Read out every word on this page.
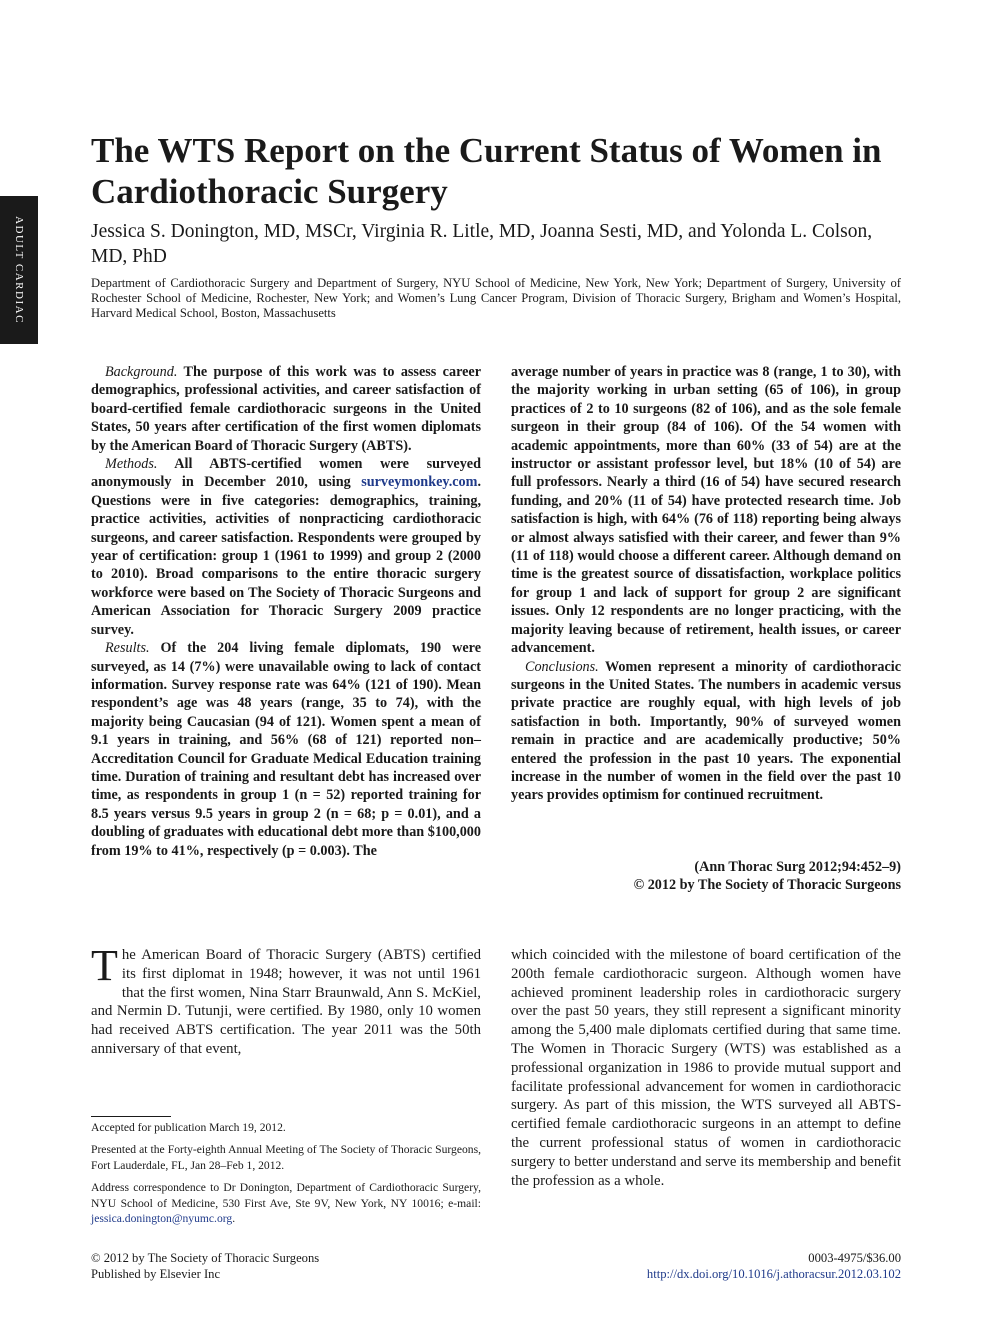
ADULT CARDIAC
The WTS Report on the Current Status of Women in Cardiothoracic Surgery
Jessica S. Donington, MD, MSCr, Virginia R. Litle, MD, Joanna Sesti, MD, and Yolonda L. Colson, MD, PhD
Department of Cardiothoracic Surgery and Department of Surgery, NYU School of Medicine, New York, New York; Department of Surgery, University of Rochester School of Medicine, Rochester, New York; and Women’s Lung Cancer Program, Division of Thoracic Surgery, Brigham and Women’s Hospital, Harvard Medical School, Boston, Massachusetts

Background. The purpose of this work was to assess career demographics, professional activities, and career satisfaction of board-certified female cardiothoracic surgeons in the United States, 50 years after certification of the first women diplomats by the American Board of Thoracic Surgery (ABTS).

Methods. All ABTS-certified women were surveyed anonymously in December 2010, using surveymonkey.com. Questions were in five categories: demographics, training, practice activities, activities of nonpracticing cardiothoracic surgeons, and career satisfaction. Respondents were grouped by year of certification: group 1 (1961 to 1999) and group 2 (2000 to 2010). Broad comparisons to the entire thoracic surgery workforce were based on The Society of Thoracic Surgeons and American Association for Thoracic Surgery 2009 practice survey.

Results. Of the 204 living female diplomats, 190 were surveyed, as 14 (7%) were unavailable owing to lack of contact information. Survey response rate was 64% (121 of 190). Mean respondent’s age was 48 years (range, 35 to 74), with the majority being Caucasian (94 of 121). Women spent a mean of 9.1 years in training, and 56% (68 of 121) reported non–Accreditation Council for Graduate Medical Education training time. Duration of training and resultant debt has increased over time, as respondents in group 1 (n = 52) reported training for 8.5 years versus 9.5 years in group 2 (n = 68; p = 0.01), and a doubling of graduates with educational debt more than $100,000 from 19% to 41%, respectively (p = 0.003). The

average number of years in practice was 8 (range, 1 to 30), with the majority working in urban setting (65 of 106), in group practices of 2 to 10 surgeons (82 of 106), and as the sole female surgeon in their group (84 of 106). Of the 54 women with academic appointments, more than 60% (33 of 54) are at the instructor or assistant professor level, but 18% (10 of 54) are full professors. Nearly a third (16 of 54) have secured research funding, and 20% (11 of 54) have protected research time. Job satisfaction is high, with 64% (76 of 118) reporting being always or almost always satisfied with their career, and fewer than 9% (11 of 118) would choose a different career. Although demand on time is the greatest source of dissatisfaction, workplace politics for group 1 and lack of support for group 2 are significant issues. Only 12 respondents are no longer practicing, with the majority leaving because of retirement, health issues, or career advancement.

Conclusions. Women represent a minority of cardiothoracic surgeons in the United States. The numbers in academic versus private practice are roughly equal, with high levels of job satisfaction in both. Importantly, 90% of surveyed women remain in practice and are academically productive; 50% entered the profession in the past 10 years. The exponential increase in the number of women in the field over the past 10 years provides optimism for continued recruitment.

(Ann Thorac Surg 2012;94:452–9)
© 2012 by The Society of Thoracic Surgeons

The American Board of Thoracic Surgery (ABTS) certified its first diplomat in 1948; however, it was not until 1961 that the first women, Nina Starr Braunwald, Ann S. McKiel, and Nermin D. Tutunji, were certified. By 1980, only 10 women had received ABTS certification. The year 2011 was the 50th anniversary of that event,

which coincided with the milestone of board certification of the 200th female cardiothoracic surgeon. Although women have achieved prominent leadership roles in cardiothoracic surgery over the past 50 years, they still represent a significant minority among the 5,400 male diplomats certified during that same time. The Women in Thoracic Surgery (WTS) was established as a professional organization in 1986 to provide mutual support and facilitate professional advancement for women in cardiothoracic surgery. As part of this mission, the WTS surveyed all ABTS-certified female cardiothoracic surgeons in an attempt to define the current professional status of women in cardiothoracic surgery to better understand and serve its membership and benefit the profession as a whole.

Accepted for publication March 19, 2012.

Presented at the Forty-eighth Annual Meeting of The Society of Thoracic Surgeons, Fort Lauderdale, FL, Jan 28–Feb 1, 2012.

Address correspondence to Dr Donington, Department of Cardiothoracic Surgery, NYU School of Medicine, 530 First Ave, Ste 9V, New York, NY 10016; e-mail: jessica.donington@nyumc.org.

© 2012 by The Society of Thoracic Surgeons
Published by Elsevier Inc
0003-4975/$36.00
http://dx.doi.org/10.1016/j.athoracsur.2012.03.102
